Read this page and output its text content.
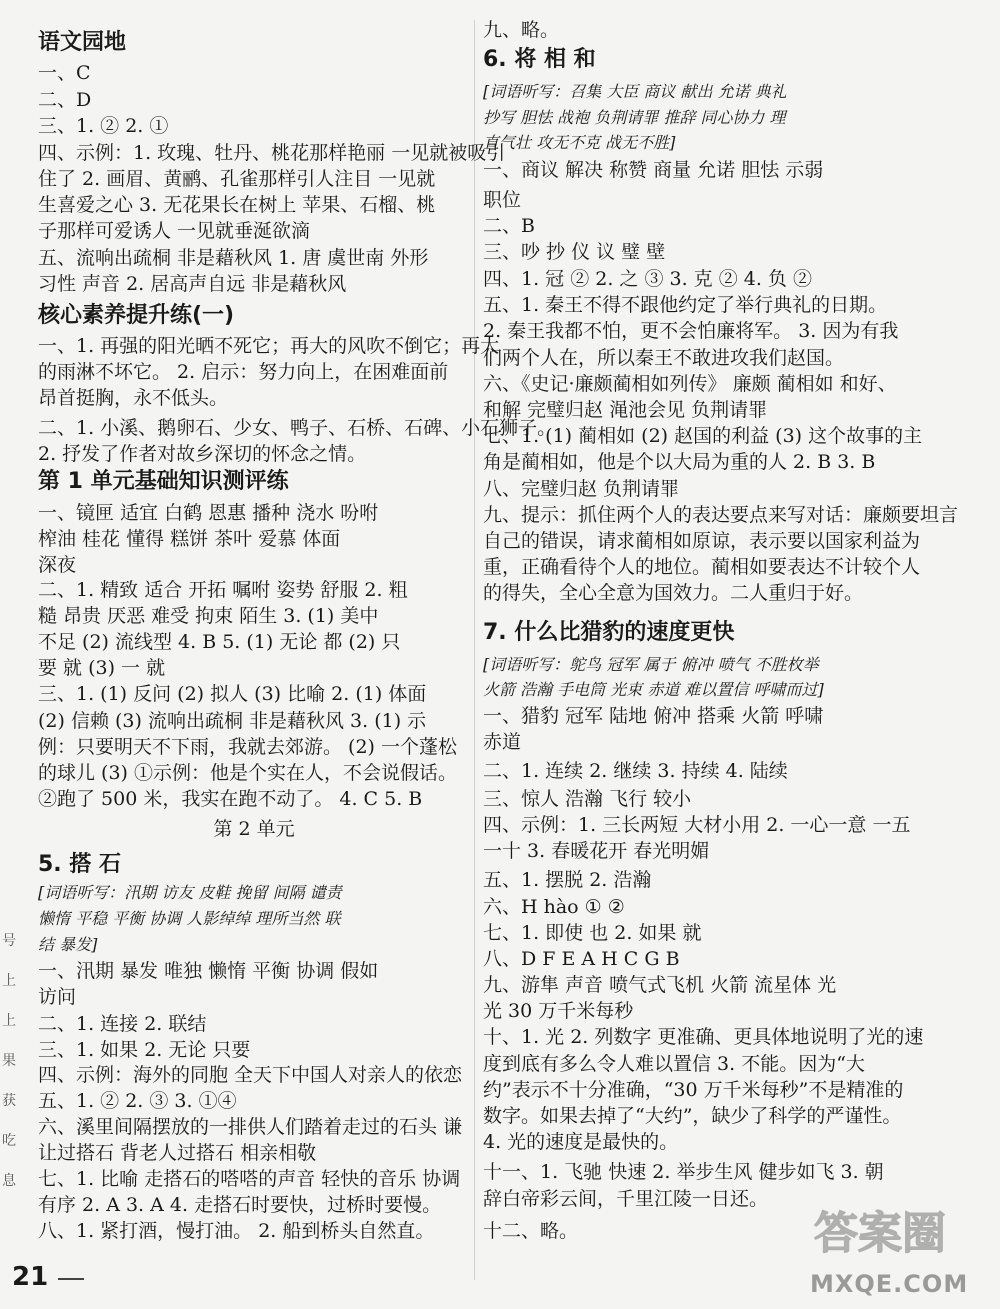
语文园地
一、C
二、D
三、1. ② 2. ①
四、示例：1. 玫瑰、牡丹、桃花那样艳丽 一见就被吸引
住了 2. 画眉、黄鹂、孔雀那样引人注目 一见就
生喜爱之心 3. 无花果长在树上 苹果、石榴、桃
子那样可爱诱人 一见就垂涎欲滴
五、流响出疏桐 非是藉秋风 1. 唐 虞世南 外形
习性 声音 2. 居高声自远 非是藉秋风
核心素养提升练(一)
一、1. 再强的阳光晒不死它；再大的风吹不倒它；再大
的雨淋不坏它。 2. 启示：努力向上，在困难面前
昂首挺胸，永不低头。
二、1. 小溪、鹅卵石、少女、鸭子、石桥、石碑、小石狮子。
2. 抒发了作者对故乡深切的怀念之情。
第 1 单元基础知识测评练
一、镜匣 适宜 白鹤 恩惠 播种 浇水 吩咐
榨油 桂花 懂得 糕饼 茶叶 爱慕 体面
深夜
二、1. 精致 适合 开拓 嘱咐 姿势 舒服 2. 粗
糙 昂贵 厌恶 难受 拘束 陌生 3. (1) 美中
不足 (2) 流线型 4. B 5. (1) 无论 都 (2) 只
要 就 (3) 一 就
三、1. (1) 反问 (2) 拟人 (3) 比喻 2. (1) 体面
(2) 信赖 (3) 流响出疏桐 非是藉秋风 3. (1) 示
例：只要明天不下雨，我就去郊游。 (2) 一个蓬松
的球儿 (3) ①示例：他是个实在人，不会说假话。
②跑了 500 米，我实在跑不动了。 4. C 5. B
第 2 单元
5. 搭 石
[词语听写：汛期 访友 皮鞋 挽留 间隔 谴责
懒惰 平稳 平衡 协调 人影绰绰 理所当然 联
结 暴发]
一、汛期 暴发 唯独 懒惰 平衡 协调 假如
访问
二、1. 连接 2. 联结
三、1. 如果 2. 无论 只要
四、示例：海外的同胞 全天下中国人对亲人的依恋
五、1. ② 2. ③ 3. ①④
六、溪里间隔摆放的一排供人们踏着走过的石头 谦
让过搭石 背老人过搭石 相亲相敬
七、1. 比喻 走搭石的嗒嗒的声音 轻快的音乐 协调
有序 2. A 3. A 4. 走搭石时要快，过桥时要慢。
八、1. 紧打酒，慢打油。 2. 船到桥头自然直。
九、略。
6. 将 相 和
[词语听写：召集 大臣 商议 献出 允诺 典礼
抄写 胆怯 战袍 负荆请罪 推辞 同心协力 理
直气壮 攻无不克 战无不胜]
一、商议 解决 称赞 商量 允诺 胆怯 示弱
职位
二、B
三、吵 抄 仪 议 璧 壁
四、1. 冠 ② 2. 之 ③ 3. 克 ② 4. 负 ②
五、1. 秦王不得不跟他约定了举行典礼的日期。
2. 秦王我都不怕，更不会怕廉将军。 3. 因为有我
们两个人在，所以秦王不敢进攻我们赵国。
六、《史记·廉颇蔺相如列传》 廉颇 蔺相如 和好、
和解 完璧归赵 渑池会见 负荆请罪
七、1. (1) 蔺相如 (2) 赵国的利益 (3) 这个故事的主
角是蔺相如，他是个以大局为重的人 2. B 3. B
八、完璧归赵 负荆请罪
九、提示：抓住两个人的表达要点来写对话：廉颇要坦言
自己的错误，请求蔺相如原谅，表示要以国家利益为
重，正确看待个人的地位。蔺相如要表达不计较个人
的得失，全心全意为国效力。二人重归于好。
7. 什么比猎豹的速度更快
[词语听写：鸵鸟 冠军 属于 俯冲 喷气 不胜枚举
火箭 浩瀚 手电筒 光束 赤道 难以置信 呼啸而过]
一、猎豹 冠军 陆地 俯冲 搭乘 火箭 呼啸
赤道
二、1. 连续 2. 继续 3. 持续 4. 陆续
三、惊人 浩瀚 飞行 较小
四、示例：1. 三长两短 大材小用 2. 一心一意 一五
一十 3. 春暖花开 春光明媚
五、1. 摆脱 2. 浩瀚
六、H hào ① ②
七、1. 即使 也 2. 如果 就
八、D F E A H C G B
九、游隼 声音 喷气式飞机 火箭 流星体 光
光 30 万千米每秒
十、1. 光 2. 列数字 更准确、更具体地说明了光的速
度到底有多么令人难以置信 3. 不能。因为“大
约”表示不十分准确，“30 万千米每秒”不是精准的
数字。如果去掉了“大约”，缺少了科学的严谨性。
4. 光的速度是最快的。
十一、1. 飞驰 快速 2. 举步生风 健步如飞 3. 朝
辞白帝彩云间，千里江陵一日还。
十二、略。
号
上
上
果
获
吃
息
21
答案圈
MXQE.COM
